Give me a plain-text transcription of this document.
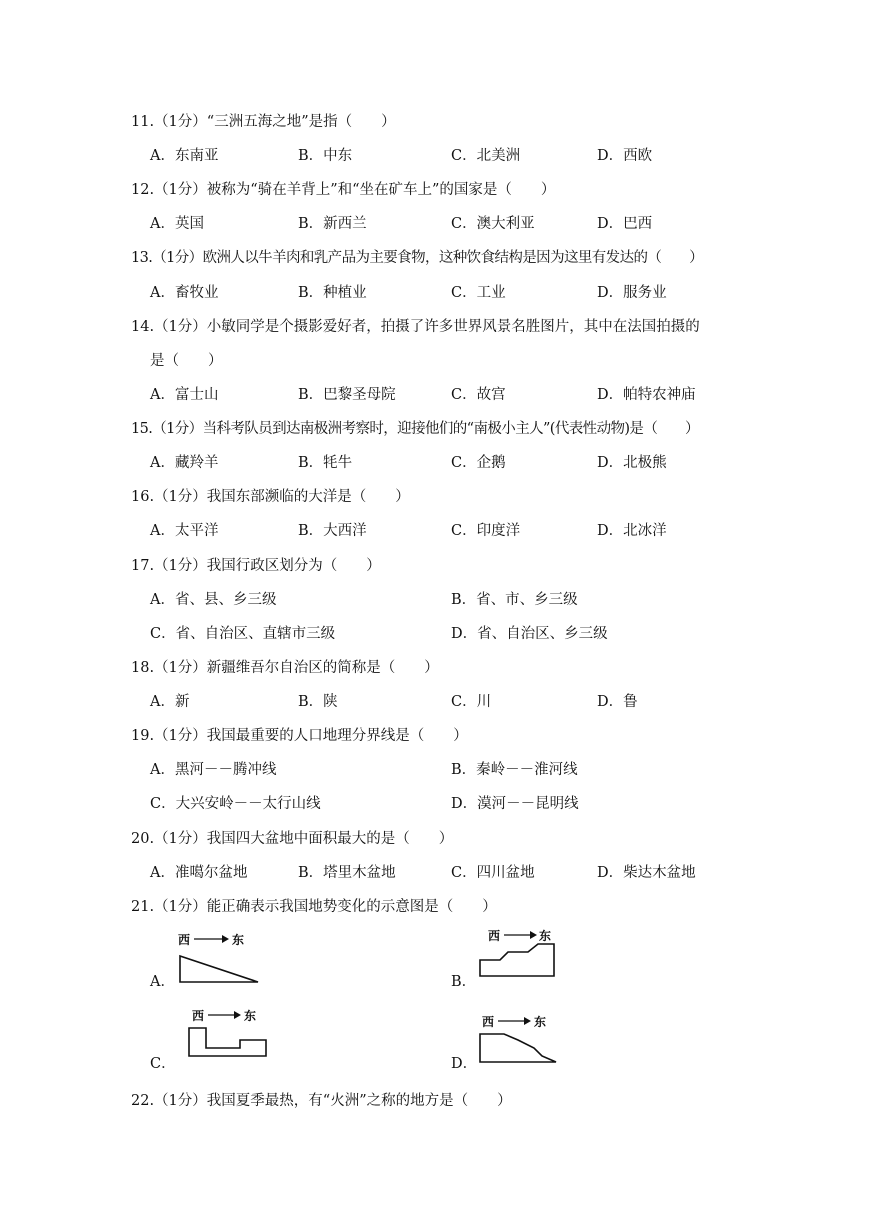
11.（1分）“三洲五海之地”是指（　　）
A．东南亚	B．中东	C．北美洲	D．西欧
12.（1分）被称为“骑在羊背上”和“坐在矿车上”的国家是（　　）
A．英国	B．新西兰	C．澳大利亚	D．巴西
13.（1分）欧洲人以牛羊肉和乳产品为主要食物，这种饮食结构是因为这里有发达的（　　）
A．畜牧业	B．种植业	C．工业	D．服务业
14.（1分）小敏同学是个摄影爱好者，拍摄了许多世界风景名胜图片，其中在法国拍摄的
是（　　）
A．富士山	B．巴黎圣母院	C．故宫	D．帕特农神庙
15.（1分）当科考队员到达南极洲考察时，迎接他们的“南极小主人”(代表性动物)是（　　）
A．藏羚羊	B．牦牛	C．企鹅	D．北极熊
16.（1分）我国东部濒临的大洋是（　　）
A．太平洋	B．大西洋	C．印度洋	D．北冰洋
17.（1分）我国行政区划分为（　　）
A．省、县、乡三级	B．省、市、乡三级
C．省、自治区、直辖市三级	D．省、自治区、乡三级
18.（1分）新疆维吾尔自治区的简称是（　　）
A．新	B．陕	C．川	D．鲁
19.（1分）我国最重要的人口地理分界线是（　　）
A．黑河－－腾冲线	B．秦岭－－淮河线
C．大兴安岭－－太行山线	D．漠河－－昆明线
20.（1分）我国四大盆地中面积最大的是（　　）
A．准噶尔盆地	B．塔里木盆地	C．四川盆地	D．柴达木盆地
21.（1分）能正确表示我国地势变化的示意图是（　　）
A．
西	东
B．
西	东
C．
西	东
D．
西	东
22.（1分）我国夏季最热，有“火洲”之称的地方是（　　）
